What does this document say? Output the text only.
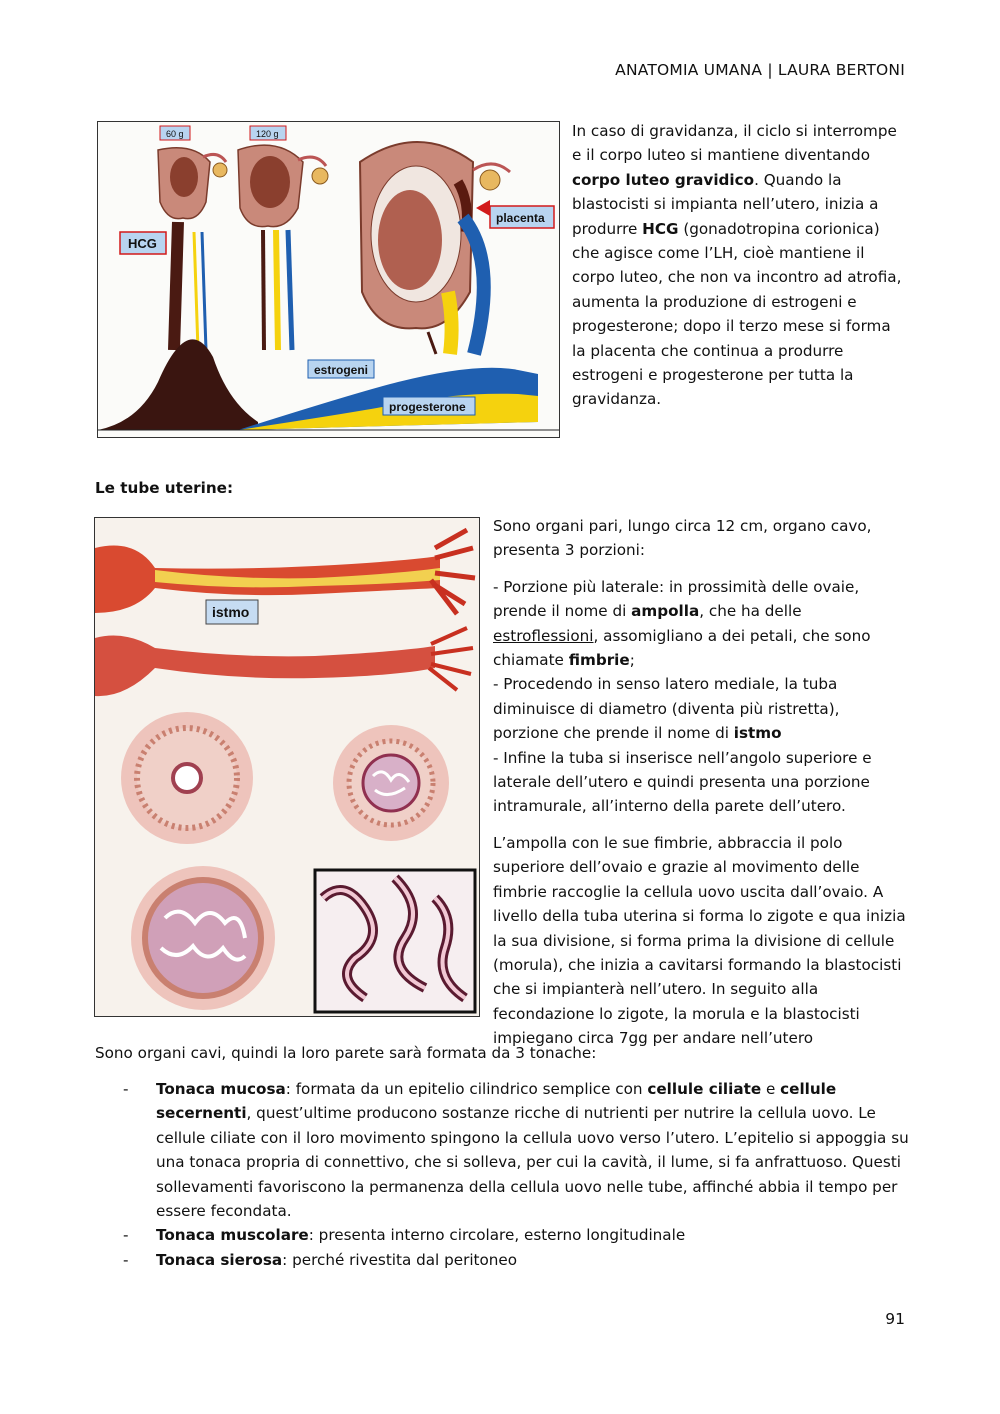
ANATOMIA UMANA | LAURA BERTONI
60 g	120 g
HCG
placenta
estrogeni
progesterone

In caso di gravidanza, il ciclo si interrompe e il corpo luteo si mantiene diventando corpo luteo gravidico. Quando la blastocisti si impianta nell’utero, inizia a produrre HCG (gonadotropina corionica) che agisce come l’LH, cioè mantiene il corpo luteo, che non va incontro ad atrofia, aumenta la produzione di estrogeni e progesterone; dopo il terzo mese si forma la placenta che continua a produrre estrogeni e progesterone per tutta la gravidanza.

Le tube uterine:
istmo

Sono organi pari, lungo circa 12 cm, organo cavo, presenta 3 porzioni:

- Porzione più laterale: in prossimità delle ovaie, prende il nome di ampolla, che ha delle estroflessioni, assomigliano a dei petali, che sono chiamate fimbrie;

- Procedendo in senso latero mediale, la tuba diminuisce di diametro (diventa più ristretta), porzione che prende il nome di istmo

- Infine la tuba si inserisce nell’angolo superiore e laterale dell’utero e quindi presenta una porzione intramurale, all’interno della parete dell’utero.

L’ampolla con le sue fimbrie, abbraccia il polo superiore dell’ovaio e grazie al movimento delle fimbrie raccoglie la cellula uovo uscita dall’ovaio. A livello della tuba uterina si forma lo zigote e qua inizia la sua divisione, si forma prima la divisione di cellule (morula), che inizia a cavitarsi formando la blastocisti che si impianterà nell’utero. In seguito alla fecondazione lo zigote, la morula e la blastocisti impiegano circa 7gg per andare nell’utero

Sono organi cavi, quindi la loro parete sarà formata da 3 tonache:
- Tonaca mucosa: formata da un epitelio cilindrico semplice con cellule ciliate e cellule secernenti, quest’ultime producono sostanze ricche di nutrienti per nutrire la cellula uovo. Le cellule ciliate con il loro movimento spingono la cellula uovo verso l’utero. L’epitelio si appoggia su una tonaca propria di connettivo, che si solleva, per cui la cavità, il lume, si fa anfrattuoso. Questi sollevamenti favoriscono la permanenza della cellula uovo nelle tube, affinché abbia il tempo per essere fecondata.
- Tonaca muscolare: presenta interno circolare, esterno longitudinale
- Tonaca sierosa: perché rivestita dal peritoneo
91
